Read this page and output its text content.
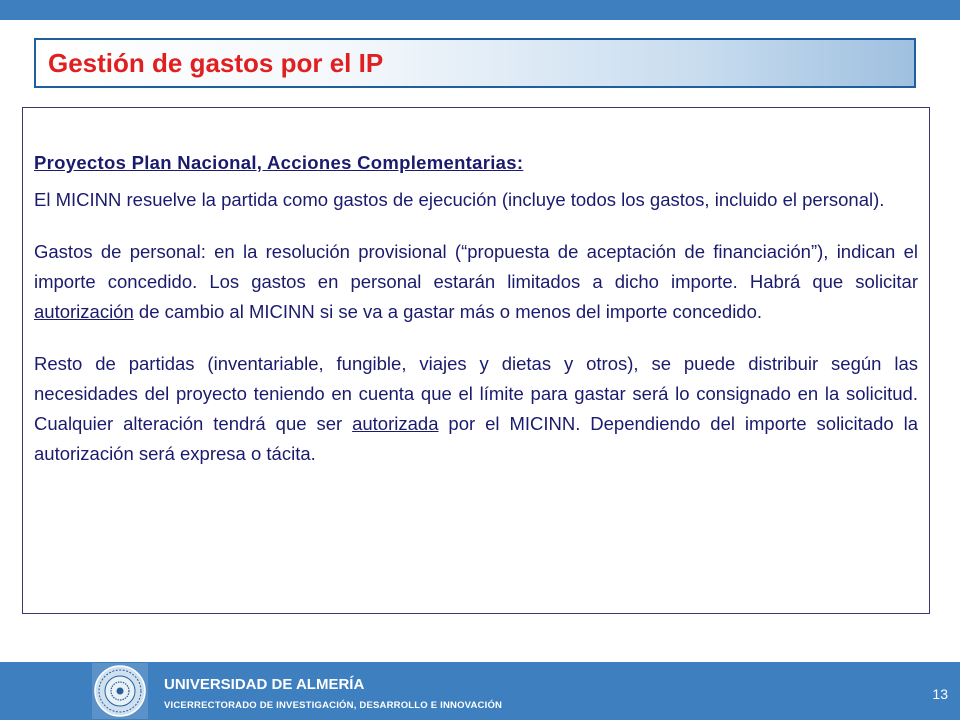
Gestión de gastos por el IP
Proyectos Plan Nacional, Acciones Complementarias:
El MICINN resuelve la partida como gastos de ejecución (incluye todos los gastos, incluido el personal).
Gastos de personal: en la resolución provisional (“propuesta de aceptación de financiación”), indican el importe concedido. Los gastos en personal estarán limitados a dicho importe. Habrá que solicitar autorización de cambio al MICINN si se va a gastar más o menos del importe concedido.
Resto de partidas (inventariable, fungible, viajes y dietas y otros), se puede distribuir según las necesidades del proyecto teniendo en cuenta que el límite para gastar será lo consignado en la solicitud. Cualquier alteración tendrá que ser autorizada por el MICINN. Dependiendo del importe solicitado la autorización será expresa o tácita.
UNIVERSIDAD DE ALMERÍA
VICERRECTORADO DE INVESTIGACIÓN, DESARROLLO E INNOVACIÓN
13
